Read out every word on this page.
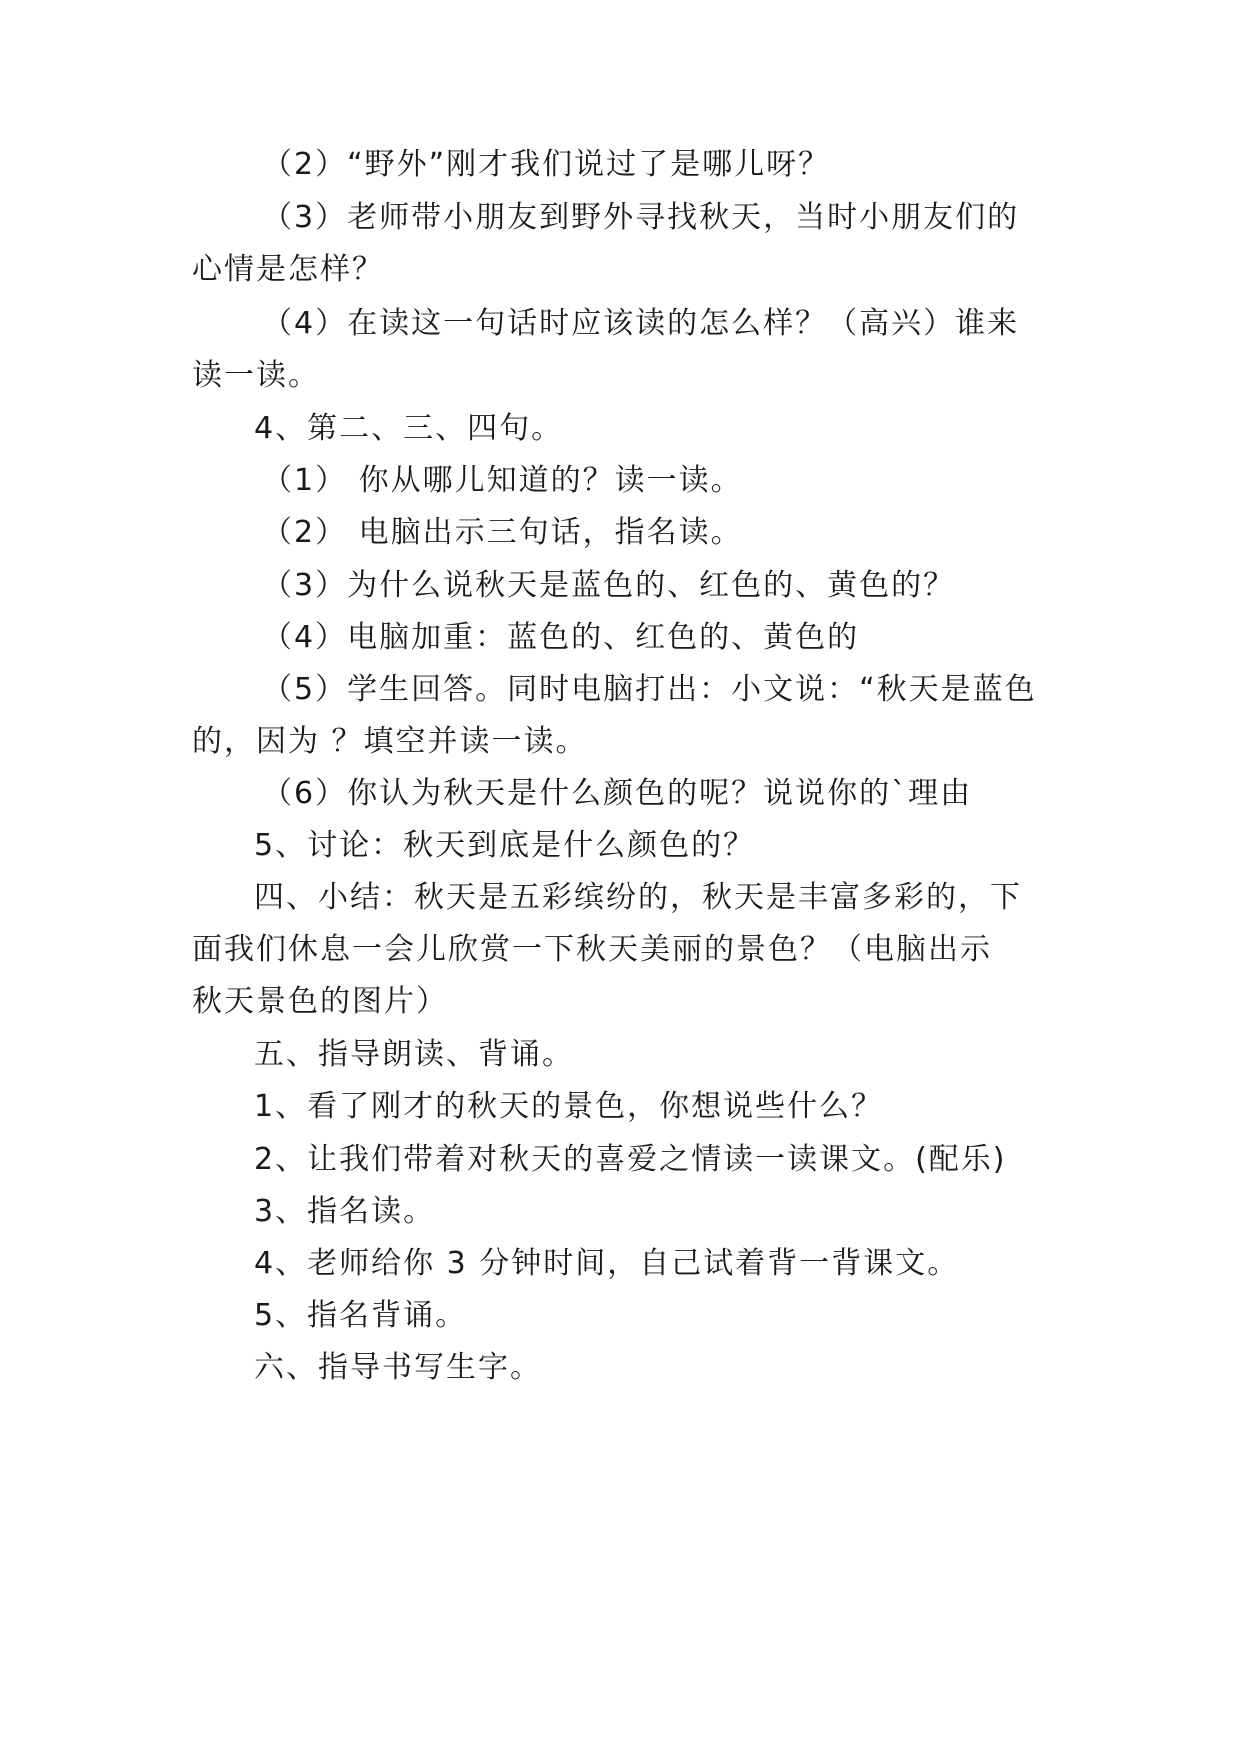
（2）“野外”刚才我们说过了是哪儿呀？
（3）老师带小朋友到野外寻找秋天，当时小朋友们的
心情是怎样？
（4）在读这一句话时应该读的怎么样？（高兴）谁来
读一读。
4、第二、三、四句。
（1） 你从哪儿知道的？读一读。
（2） 电脑出示三句话，指名读。
（3）为什么说秋天是蓝色的、红色的、黄色的？
（4）电脑加重：蓝色的、红色的、黄色的
（5）学生回答。同时电脑打出：小文说：“秋天是蓝色
的，因为 ？填空并读一读。
（6）你认为秋天是什么颜色的呢？说说你的`理由
5、讨论：秋天到底是什么颜色的？
四、小结：秋天是五彩缤纷的，秋天是丰富多彩的，下
面我们休息一会儿欣赏一下秋天美丽的景色？（电脑出示
秋天景色的图片）
五、指导朗读、背诵。
1、看了刚才的秋天的景色，你想说些什么？
2、让我们带着对秋天的喜爱之情读一读课文。(配乐)
3、指名读。
4、老师给你 3 分钟时间，自己试着背一背课文。
5、指名背诵。
六、指导书写生字。
